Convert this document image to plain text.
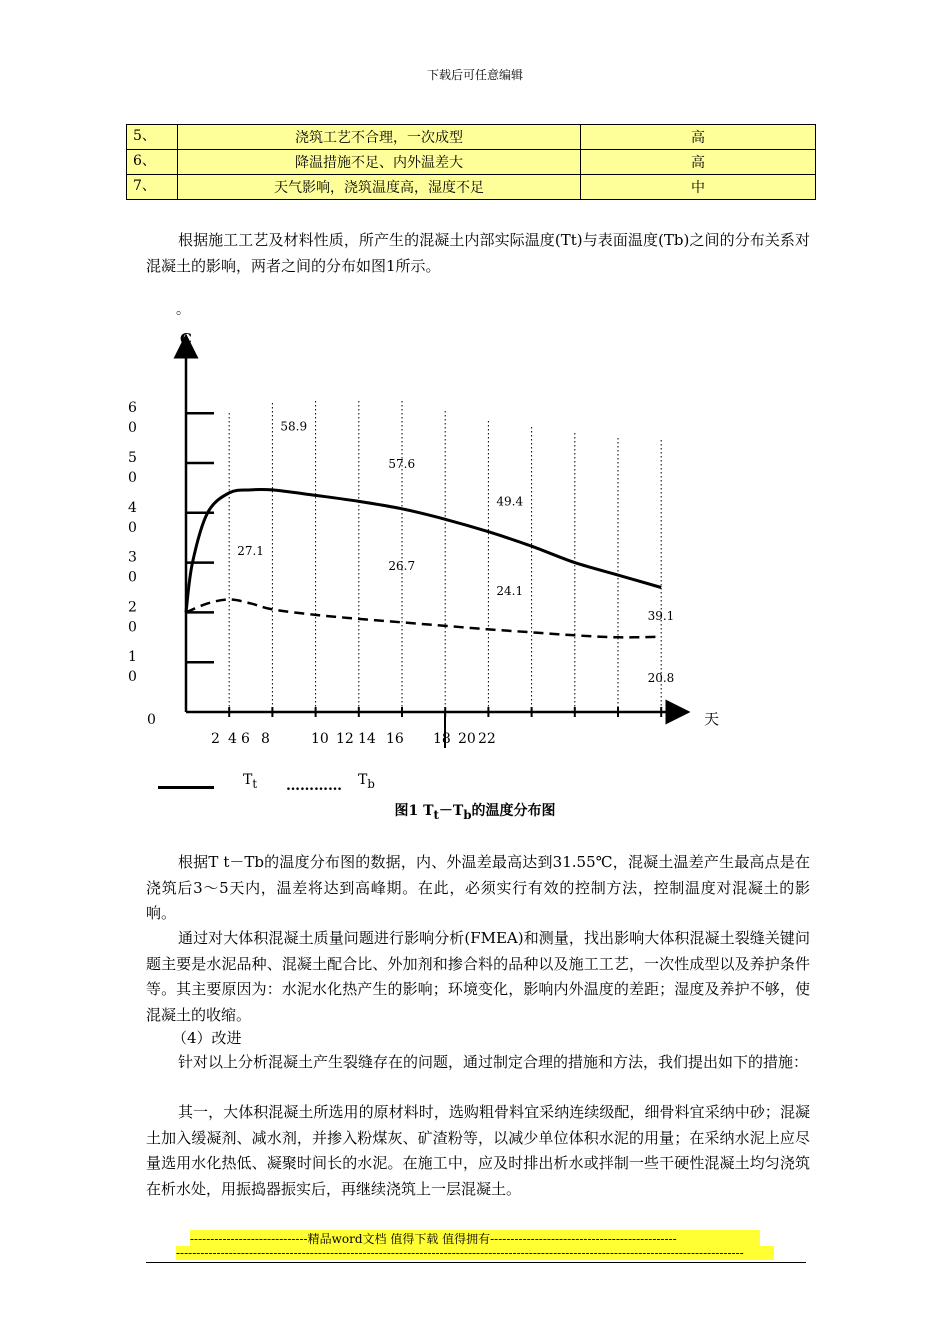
下载后可任意编辑
5、	浇筑工艺不合理，一次成型	高
6、	降温措施不足、内外温差大	高
7、	天气影响，浇筑温度高，湿度不足	中

根据施工工艺及材料性质，所产生的混凝土内部实际温度(Tt)与表面温度(Tb)之间的分布关系对混凝土的影响，两者之间的分布如图1所示。

。
C
天
0
1
0
2
0
3
0
4
0
5
0
6
0
2 4 6 8	10 12 14 16 18 20 22
58.9
57.6
49.4
27.1
26.7
24.1
39.1
20.8
$T_t$ ………… $T_b$
图1 $T_t-T_b$的温度分布图

根据T t－Tb的温度分布图的数据，内、外温差最高达到31.55℃，混凝土温差产生最高点是在浇筑后3～5天内，温差将达到高峰期。在此，必须实行有效的控制方法，控制温度对混凝土的影响。

通过对大体积混凝土质量问题进行影响分析(FMEA)和测量，找出影响大体积混凝土裂缝关键问题主要是水泥品种、混凝土配合比、外加剂和掺合料的品种以及施工工艺，一次性成型以及养护条件等。其主要原因为：水泥水化热产生的影响；环境变化，影响内外温度的差距；湿度及养护不够，使混凝土的收缩。

（4）改进

针对以上分析混凝土产生裂缝存在的问题，通过制定合理的措施和方法，我们提出如下的措施：

其一，大体积混凝土所选用的原材料时，选购粗骨料宜采纳连续级配，细骨料宜采纳中砂；混凝土加入缓凝剂、减水剂，并掺入粉煤灰、矿渣粉等，以减少单位体积水泥的用量；在采纳水泥上应尽量选用水化热低、凝聚时间长的水泥。在施工中，应及时排出析水或拌制一些干硬性混凝土均匀浇筑在析水处，用振捣器振实后，再继续浇筑上一层混凝土。

-----------------------------精品word文档 值得下载 值得拥有----------------------------------------------
--------------------------------------------------------------------------------------------------------------------------------------------
